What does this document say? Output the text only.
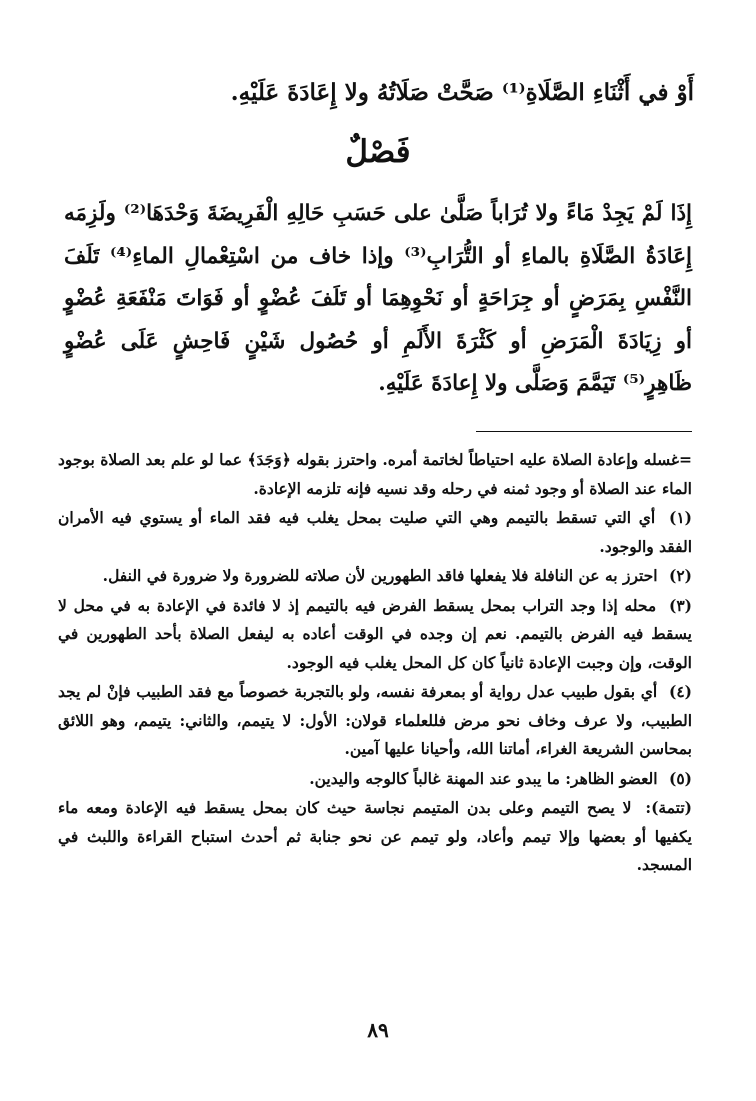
أَوْ في أَثْنَاءِ الصَّلَاةِ⁽¹⁾ صَحَّتْ صَلَاتُهُ ولا إِعَادَةَ عَلَيْهِ.
فَصْلٌ
إِذَا لَمْ يَجِدْ مَاءً ولا تُرَاباً صَلَّىٰ على حَسَبِ حَالِهِ الْفَرِيضَةَ وَحْدَهَا⁽²⁾ ولَزِمَه إِعَادَةُ الصَّلَاةِ بالماءِ أو التُّرَابِ⁽³⁾ وإذا خاف من اسْتِعْمالِ الماءِ⁽⁴⁾ تَلَفَ النَّفْسِ بِمَرَضٍ أو جِرَاحَةٍ أو نَحْوِهِمَا أو تَلَفَ عُضْوٍ أو فَوَاتَ مَنْفَعَةِ عُضْوٍ أو زِيَادَةَ الْمَرَضِ أو كَثْرَةَ الأَلَمِ أو حُصُول شَيْنٍ فَاحِشٍ عَلَى عُضْوٍ ظَاهِرٍ⁽⁵⁾ تَيَمَّمَ وَصَلَّى ولا إِعادَةَ عَلَيْهِ.
=غسله وإعادة الصلاة عليه احتياطاً لخاتمة أمره. واحترز بقوله ﴿وَجَدَ﴾ عما لو علم بعد الصلاة بوجود الماء عند الصلاة أو وجود ثمنه في رحله وقد نسيه فإنه تلزمه الإعادة.
(١) أي التي تسقط بالتيمم وهي التي صليت بمحل يغلب فيه فقد الماء أو يستوي فيه الأمران الفقد والوجود.
(٢) احترز به عن النافلة فلا يفعلها فاقد الطهورين لأن صلاته للضرورة ولا ضرورة في النفل.
(٣) محله إذا وجد التراب بمحل يسقط الفرض فيه بالتيمم إذ لا فائدة في الإعادة به في محل لا يسقط فيه الفرض بالتيمم. نعم إن وجده في الوقت أعاده به ليفعل الصلاة بأحد الطهورين في الوقت، وإن وجبت الإعادة ثانياً كان كل المحل يغلب فيه الوجود.
(٤) أي بقول طبيب عدل رواية أو بمعرفة نفسه، ولو بالتجربة خصوصاً مع فقد الطبيب فإنْ لم يجد الطبيب، ولا عرف وخاف نحو مرض فللعلماء قولان: الأول: لا يتيمم، والثاني: يتيمم، وهو اللائق بمحاسن الشريعة الغراء، أماتنا الله، وأحيانا عليها آمين.
(٥) العضو الظاهر: ما يبدو عند المهنة غالباً كالوجه واليدين.
(تتمة): لا يصح التيمم وعلى بدن المتيمم نجاسة حيث كان بمحل يسقط فيه الإعادة ومعه ماء يكفيها أو بعضها وإلا تيمم وأعاد، ولو تيمم عن نحو جنابة ثم أحدث استباح القراءة واللبث في المسجد.
٨٩
